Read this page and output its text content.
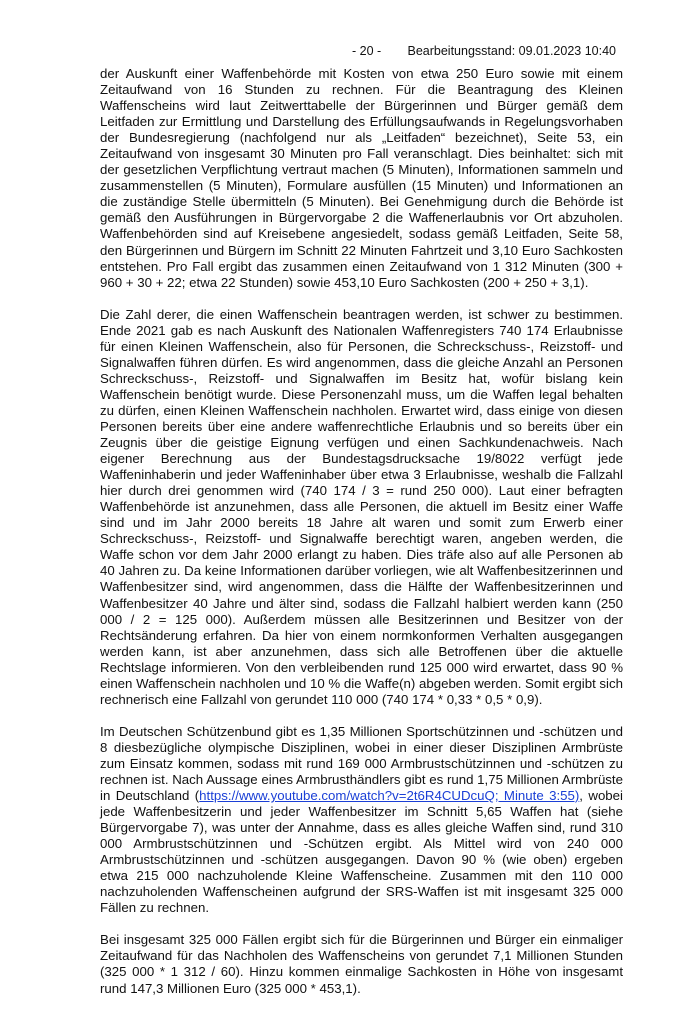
- 20 - Bearbeitungsstand: 09.01.2023 10:40

der Auskunft einer Waffenbehörde mit Kosten von etwa 250 Euro sowie mit einem Zeitaufwand von 16 Stunden zu rechnen. Für die Beantragung des Kleinen Waffenscheins wird laut Zeitwerttabelle der Bürgerinnen und Bürger gemäß dem Leitfaden zur Ermittlung und Darstellung des Erfüllungsaufwands in Regelungsvorhaben der Bundesregierung (nachfolgend nur als „Leitfaden“ bezeichnet), Seite 53, ein Zeitaufwand von insgesamt 30 Minuten pro Fall veranschlagt. Dies beinhaltet: sich mit der gesetzlichen Verpflichtung vertraut machen (5 Minuten), Informationen sammeln und zusammenstellen (5 Minuten), Formulare ausfüllen (15 Minuten) und Informationen an die zuständige Stelle übermitteln (5 Minuten). Bei Genehmigung durch die Behörde ist gemäß den Ausführungen in Bürgervorgabe 2 die Waffenerlaubnis vor Ort abzuholen. Waffenbehörden sind auf Kreisebene angesiedelt, sodass gemäß Leitfaden, Seite 58, den Bürgerinnen und Bürgern im Schnitt 22 Minuten Fahrtzeit und 3,10 Euro Sachkosten entstehen. Pro Fall ergibt das zusammen einen Zeitaufwand von 1 312 Minuten (300 + 960 + 30 + 22; etwa 22 Stunden) sowie 453,10 Euro Sachkosten (200 + 250 + 3,1).

Die Zahl derer, die einen Waffenschein beantragen werden, ist schwer zu bestimmen. Ende 2021 gab es nach Auskunft des Nationalen Waffenregisters 740 174 Erlaubnisse für einen Kleinen Waffenschein, also für Personen, die Schreckschuss-, Reizstoff- und Signalwaffen führen dürfen. Es wird angenommen, dass die gleiche Anzahl an Personen Schreckschuss-, Reizstoff- und Signalwaffen im Besitz hat, wofür bislang kein Waffenschein benötigt wurde. Diese Personenzahl muss, um die Waffen legal behalten zu dürfen, einen Kleinen Waffenschein nachholen. Erwartet wird, dass einige von diesen Personen bereits über eine andere waffenrechtliche Erlaubnis und so bereits über ein Zeugnis über die geistige Eignung verfügen und einen Sachkundenachweis. Nach eigener Berechnung aus der Bundestagsdrucksache 19/8022 verfügt jede Waffeninhaberin und jeder Waffeninhaber über etwa 3 Erlaubnisse, weshalb die Fallzahl hier durch drei genommen wird (740 174 / 3 = rund 250 000). Laut einer befragten Waffenbehörde ist anzunehmen, dass alle Personen, die aktuell im Besitz einer Waffe sind und im Jahr 2000 bereits 18 Jahre alt waren und somit zum Erwerb einer Schreckschuss-, Reizstoff- und Signalwaffe berechtigt waren, angeben werden, die Waffe schon vor dem Jahr 2000 erlangt zu haben. Dies träfe also auf alle Personen ab 40 Jahren zu. Da keine Informationen darüber vorliegen, wie alt Waffenbesitzerinnen und Waffenbesitzer sind, wird angenommen, dass die Hälfte der Waffenbesitzerinnen und Waffenbesitzer 40 Jahre und älter sind, sodass die Fallzahl halbiert werden kann (250 000 / 2 = 125 000). Außerdem müssen alle Besitzerinnen und Besitzer von der Rechtsänderung erfahren. Da hier von einem normkonformen Verhalten ausgegangen werden kann, ist aber anzunehmen, dass sich alle Betroffenen über die aktuelle Rechtslage informieren. Von den verbleibenden rund 125 000 wird erwartet, dass 90 % einen Waffenschein nachholen und 10 % die Waffe(n) abgeben werden. Somit ergibt sich rechnerisch eine Fallzahl von gerundet 110 000 (740 174 * 0,33 * 0,5 * 0,9).

Im Deutschen Schützenbund gibt es 1,35 Millionen Sportschützinnen und -schützen und 8 diesbezügliche olympische Disziplinen, wobei in einer dieser Disziplinen Armbrüste zum Einsatz kommen, sodass mit rund 169 000 Armbrustschützinnen und -schützen zu rechnen ist. Nach Aussage eines Armbrusthändlers gibt es rund 1,75 Millionen Armbrüste in Deutschland (https://www.youtube.com/watch?v=2t6R4CUDcuQ; Minute 3:55), wobei jede Waffenbesitzerin und jeder Waffenbesitzer im Schnitt 5,65 Waffen hat (siehe Bürgervorgabe 7), was unter der Annahme, dass es alles gleiche Waffen sind, rund 310 000 Armbrustschützinnen und -Schützen ergibt. Als Mittel wird von 240 000 Armbrustschützinnen und -schützen ausgegangen. Davon 90 % (wie oben) ergeben etwa 215 000 nachzuholende Kleine Waffenscheine. Zusammen mit den 110 000 nachzuholenden Waffenscheinen aufgrund der SRS-Waffen ist mit insgesamt 325 000 Fällen zu rechnen.

Bei insgesamt 325 000 Fällen ergibt sich für die Bürgerinnen und Bürger ein einmaliger Zeitaufwand für das Nachholen des Waffenscheins von gerundet 7,1 Millionen Stunden (325 000 * 1 312 / 60). Hinzu kommen einmalige Sachkosten in Höhe von insgesamt rund 147,3 Millionen Euro (325 000 * 453,1).
